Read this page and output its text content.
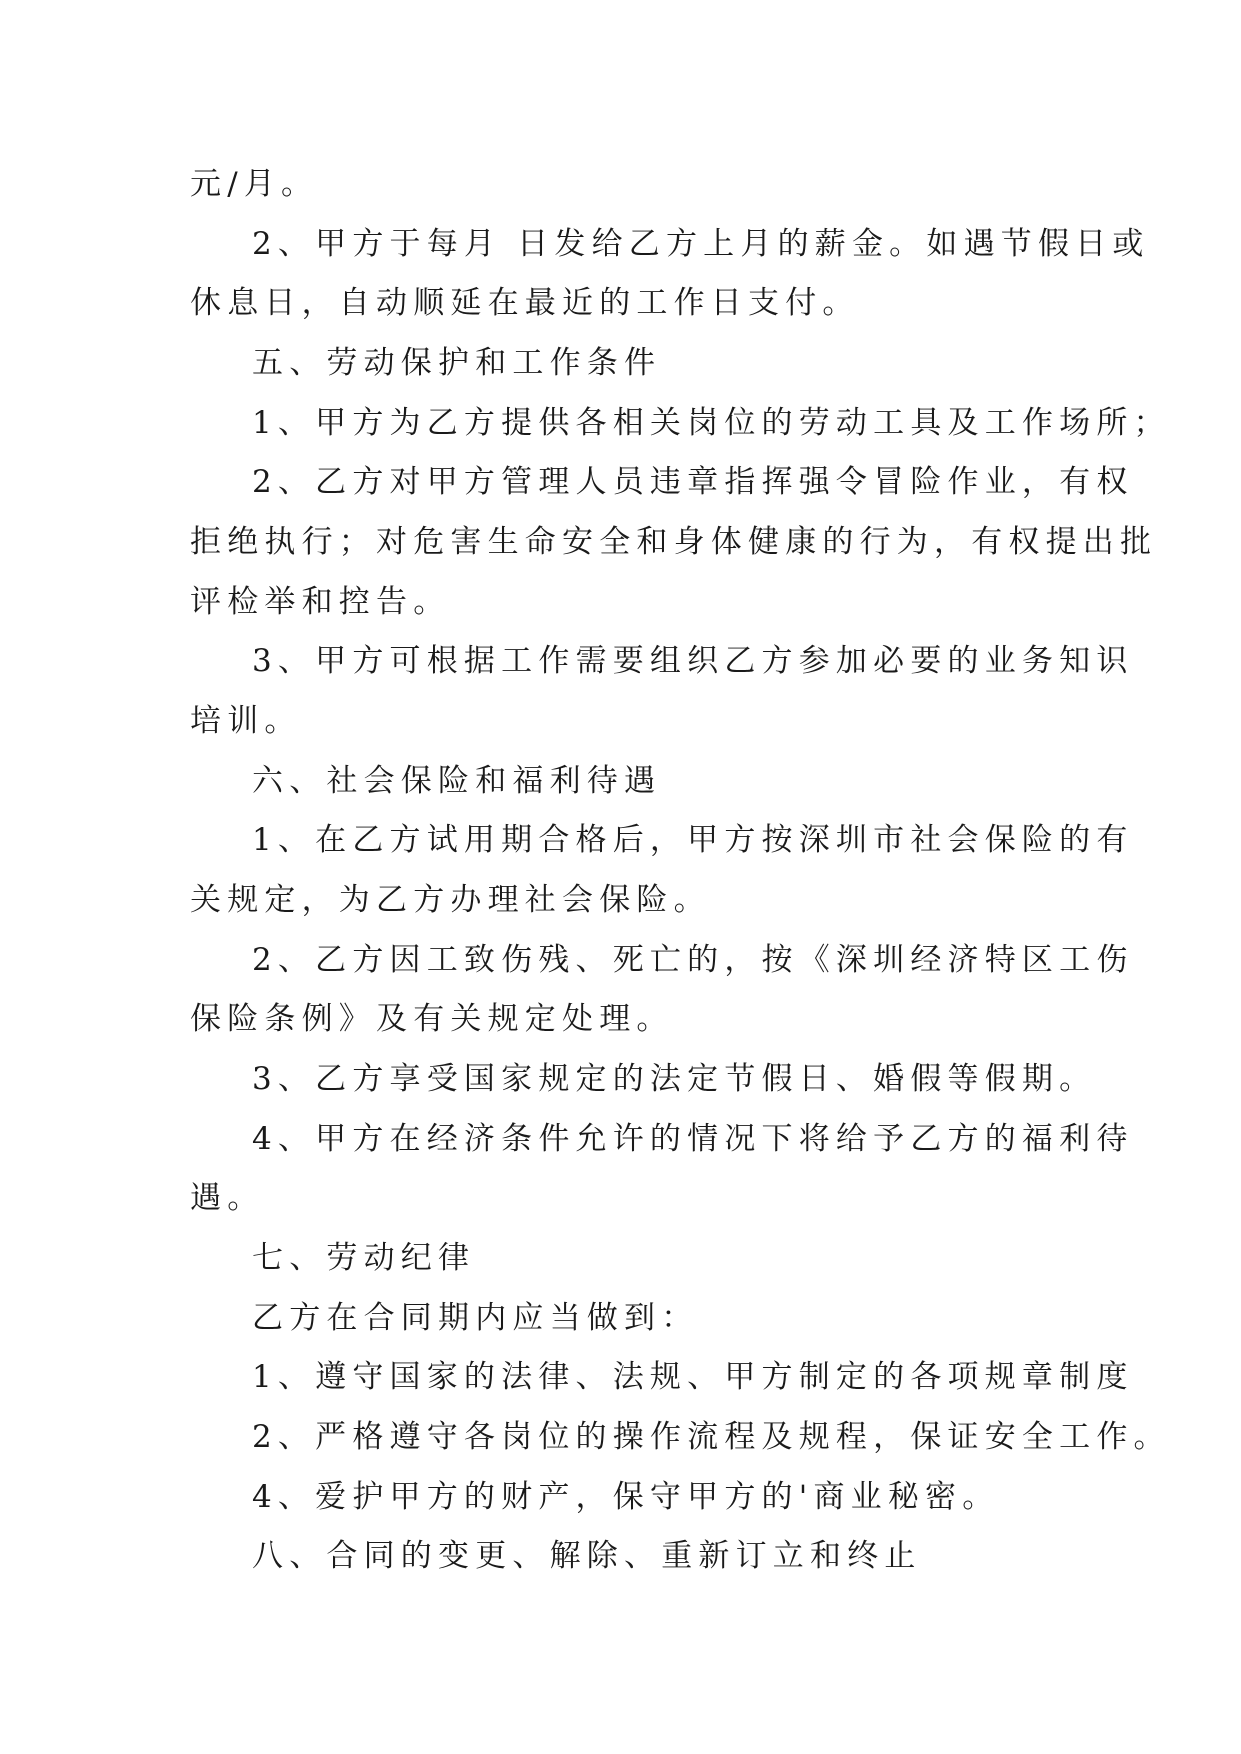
元/月。

2、甲方于每月 日发给乙方上月的薪金。如遇节假日或

休息日，自动顺延在最近的工作日支付。

五、劳动保护和工作条件

1、甲方为乙方提供各相关岗位的劳动工具及工作场所；

2、乙方对甲方管理人员违章指挥强令冒险作业，有权

拒绝执行；对危害生命安全和身体健康的行为，有权提出批

评检举和控告。

3、甲方可根据工作需要组织乙方参加必要的业务知识

培训。

六、社会保险和福利待遇

1、在乙方试用期合格后，甲方按深圳市社会保险的有

关规定，为乙方办理社会保险。

2、乙方因工致伤残、死亡的，按《深圳经济特区工伤

保险条例》及有关规定处理。

3、乙方享受国家规定的法定节假日、婚假等假期。

4、甲方在经济条件允许的情况下将给予乙方的福利待

遇。

七、劳动纪律

乙方在合同期内应当做到：

1、遵守国家的法律、法规、甲方制定的各项规章制度

2、严格遵守各岗位的操作流程及规程，保证安全工作。

4、爱护甲方的财产，保守甲方的'商业秘密。

八、合同的变更、解除、重新订立和终止
